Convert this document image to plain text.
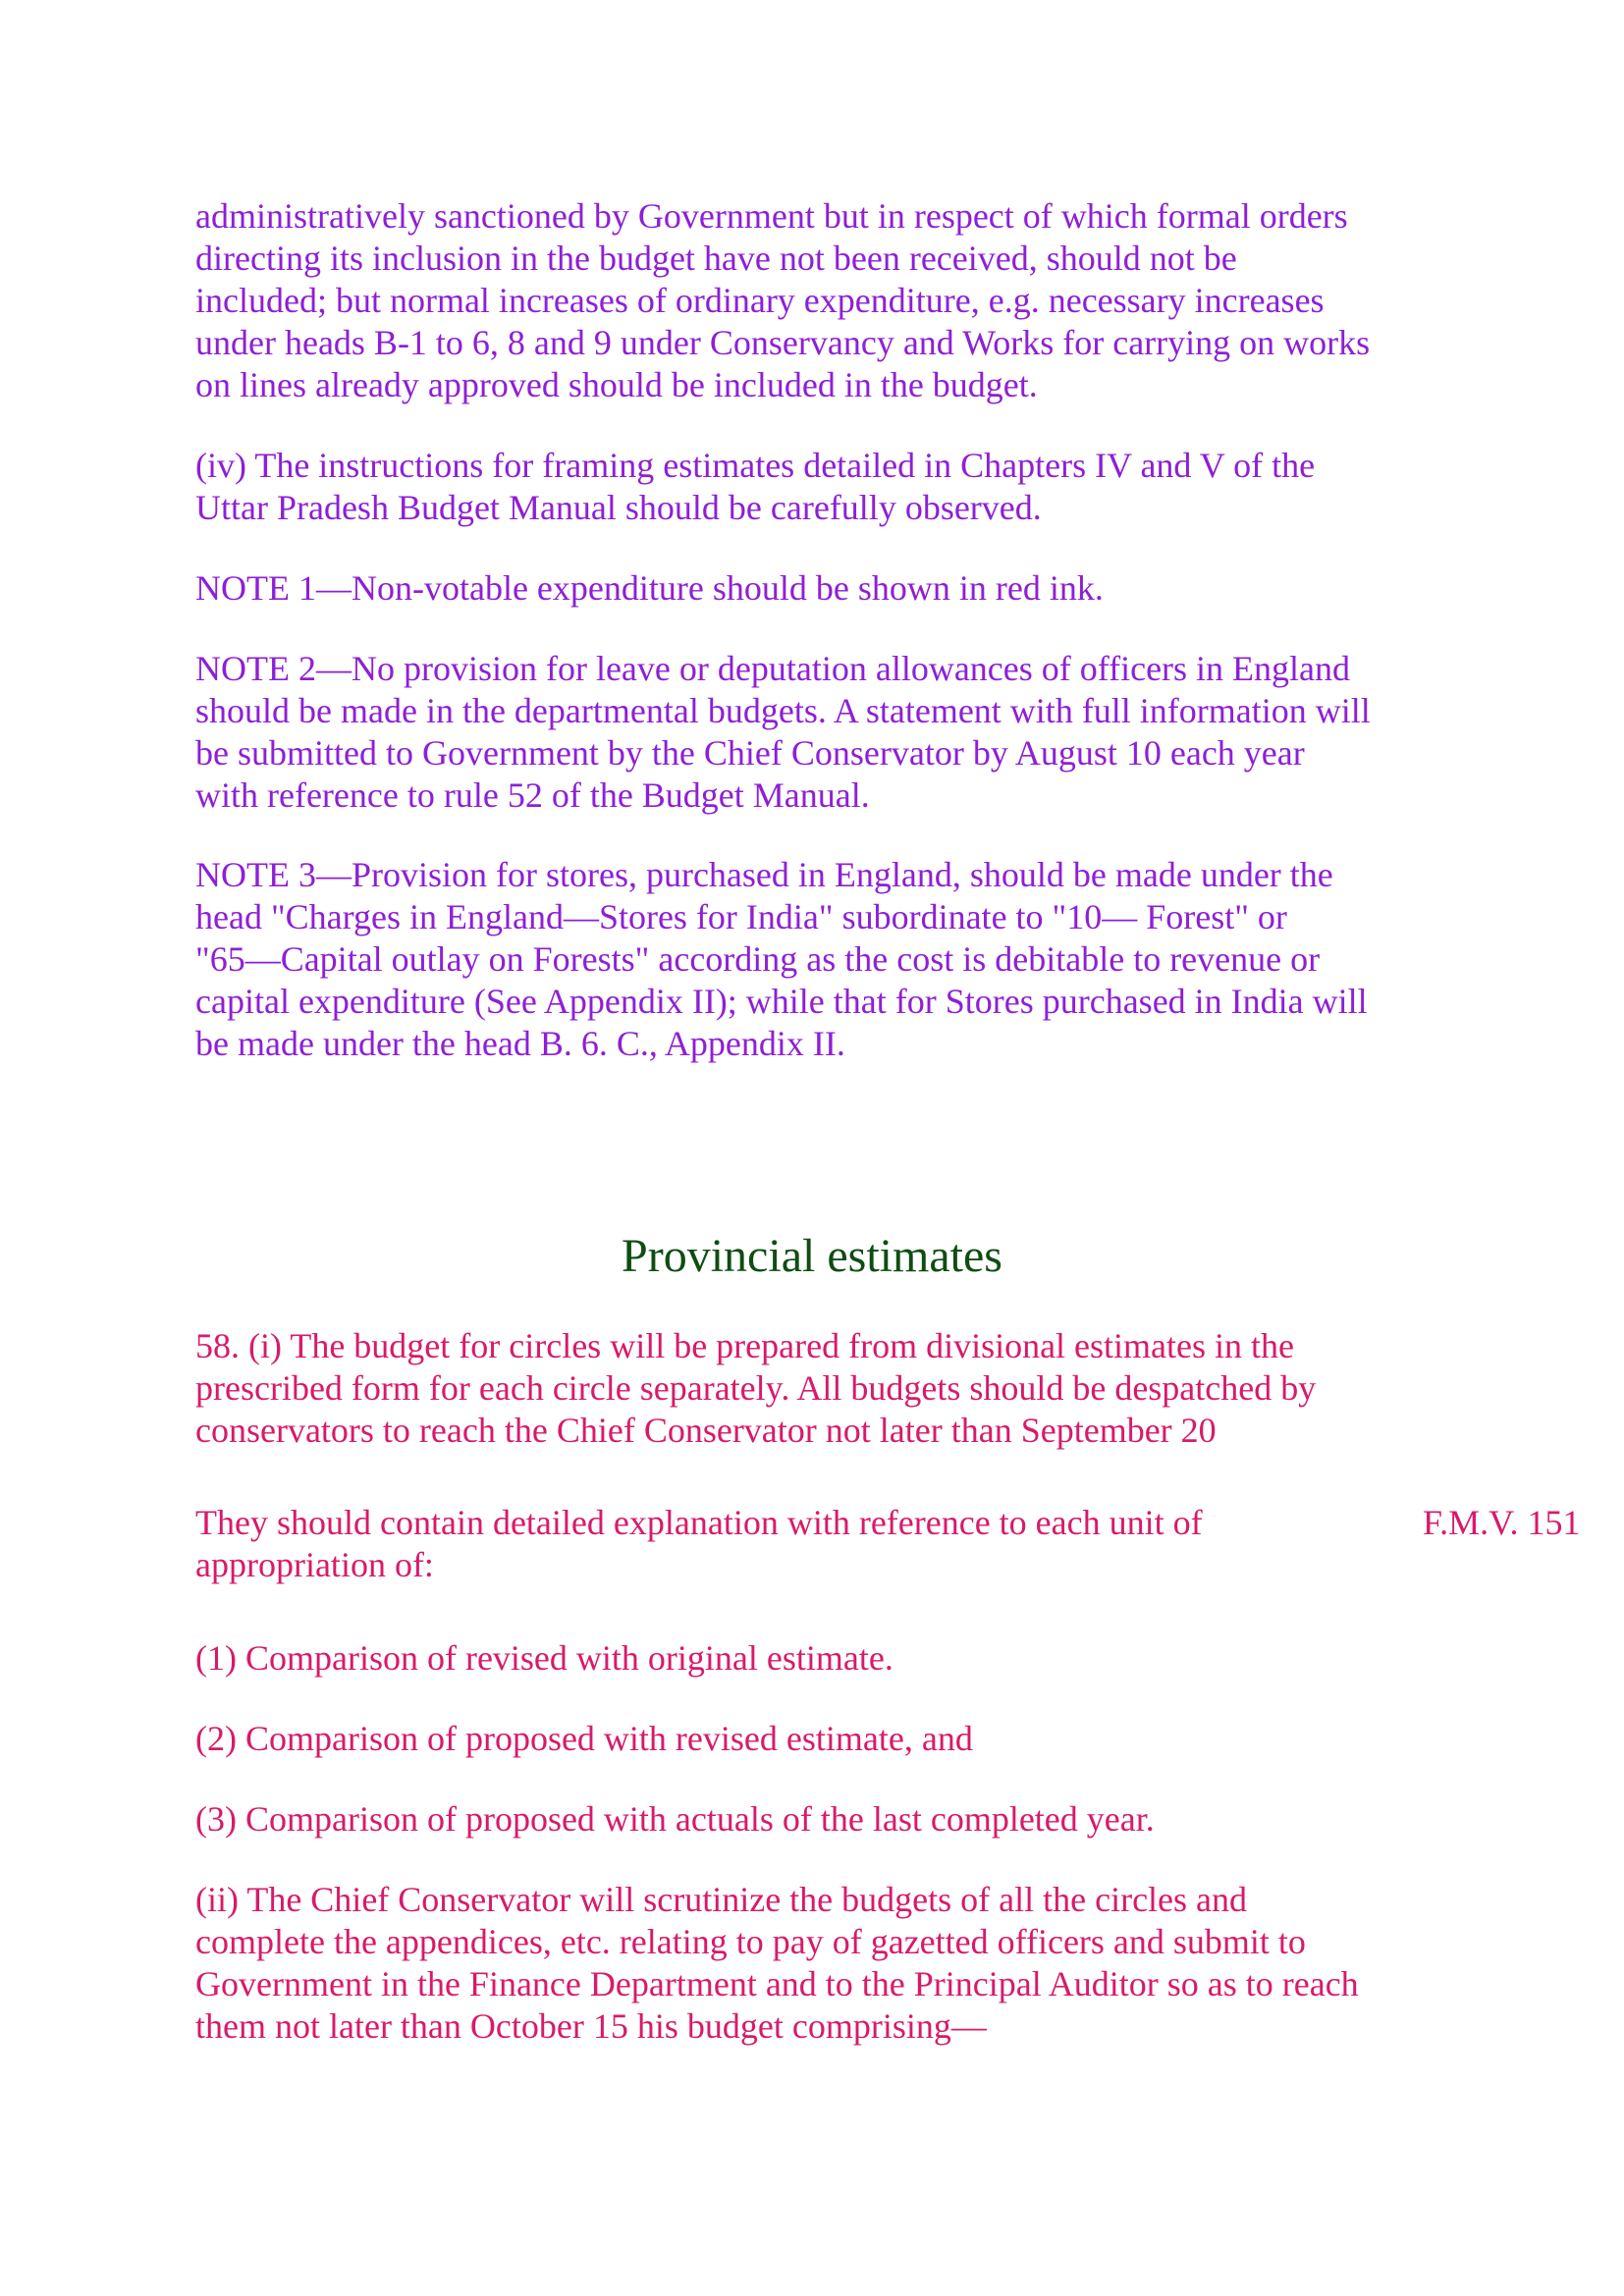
administratively sanctioned by Government but in respect of which formal orders
directing its inclusion in the budget have not been received, should not be
included; but normal increases of ordinary expenditure, e.g. necessary increases
under heads B-1 to 6, 8 and 9 under Conservancy and Works for carrying on works
on lines already approved should be included in the budget.

(iv) The instructions for framing estimates detailed in Chapters IV and V of the
Uttar Pradesh Budget Manual should be carefully observed.

NOTE 1—Non-votable expenditure should be shown in red ink.

NOTE 2—No provision for leave or deputation allowances of officers in England
should be made in the departmental budgets. A statement with full information will
be submitted to Government by the Chief Conservator by August 10 each year
with reference to rule 52 of the Budget Manual.

NOTE 3—Provision for stores, purchased in England, should be made under the
head "Charges in England—Stores for India" subordinate to "10— Forest" or
"65—Capital outlay on Forests" according as the cost is debitable to revenue or
capital expenditure (See Appendix II); while that for Stores purchased in India will
be made under the head B. 6. C., Appendix II.

Provincial estimates

58. (i) The budget for circles will be prepared from divisional estimates in the
prescribed form for each circle separately. All budgets should be despatched by
conservators to reach the Chief Conservator not later than September 20

They should contain detailed explanation with reference to each unit of
appropriation of:

F.M.V. 151

(1) Comparison of revised with original estimate.

(2) Comparison of proposed with revised estimate, and

(3) Comparison of proposed with actuals of the last completed year.

(ii) The Chief Conservator will scrutinize the budgets of all the circles and
complete the appendices, etc. relating to pay of gazetted officers and submit to
Government in the Finance Department and to the Principal Auditor so as to reach
them not later than October 15 his budget comprising—
